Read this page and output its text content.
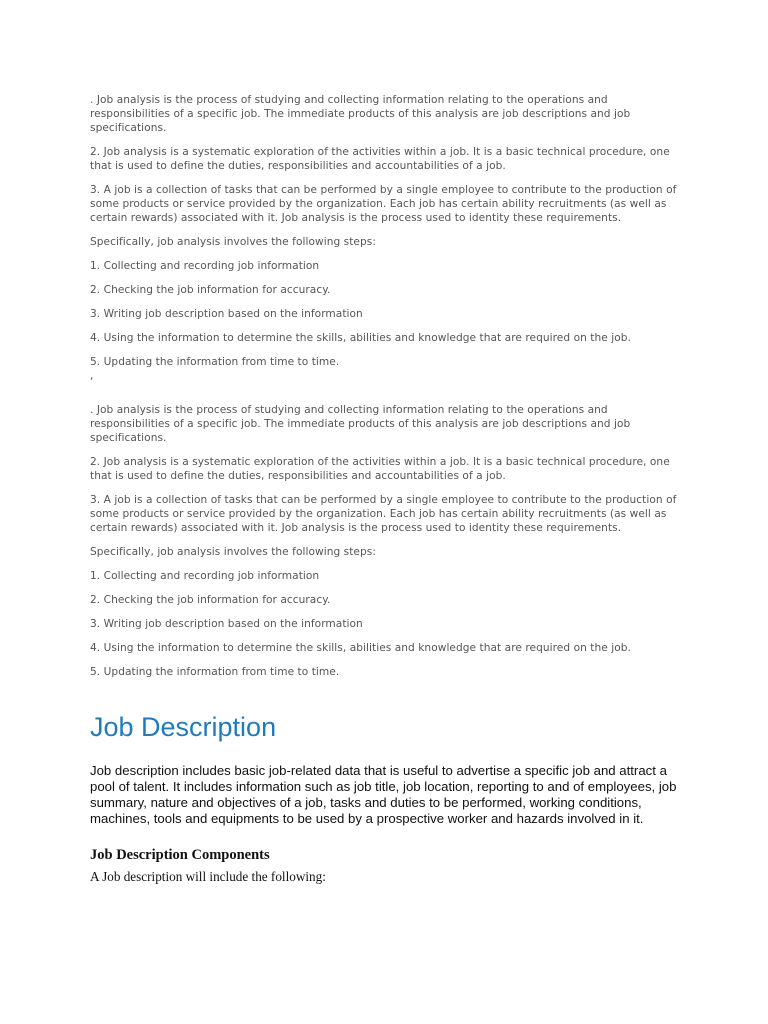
. Job analysis is the process of studying and collecting information relating to the operations and responsibilities of a specific job. The immediate products of this analysis are job descriptions and job specifications.

2. Job analysis is a systematic exploration of the activities within a job. It is a basic technical procedure, one that is used to define the duties, responsibilities and accountabilities of a job.

3. A job is a collection of tasks that can be performed by a single employee to contribute to the production of some products or service provided by the organization. Each job has certain ability recruitments (as well as certain rewards) associated with it. Job analysis is the process used to identity these requirements.

Specifically, job analysis involves the following steps:

1. Collecting and recording job information

2. Checking the job information for accuracy.

3. Writing job description based on the information

4. Using the information to determine the skills, abilities and knowledge that are required on the job.

5. Updating the information from time to time.

‘

. Job analysis is the process of studying and collecting information relating to the operations and responsibilities of a specific job. The immediate products of this analysis are job descriptions and job specifications.

2. Job analysis is a systematic exploration of the activities within a job. It is a basic technical procedure, one that is used to define the duties, responsibilities and accountabilities of a job.

3. A job is a collection of tasks that can be performed by a single employee to contribute to the production of some products or service provided by the organization. Each job has certain ability recruitments (as well as certain rewards) associated with it. Job analysis is the process used to identity these requirements.

Specifically, job analysis involves the following steps:

1. Collecting and recording job information

2. Checking the job information for accuracy.

3. Writing job description based on the information

4. Using the information to determine the skills, abilities and knowledge that are required on the job.

5. Updating the information from time to time.

Job Description

Job description includes basic job-related data that is useful to advertise a specific job and attract a pool of talent. It includes information such as job title, job location, reporting to and of employees, job summary, nature and objectives of a job, tasks and duties to be performed, working conditions, machines, tools and equipments to be used by a prospective worker and hazards involved in it.

Job Description Components

A Job description will include the following:
